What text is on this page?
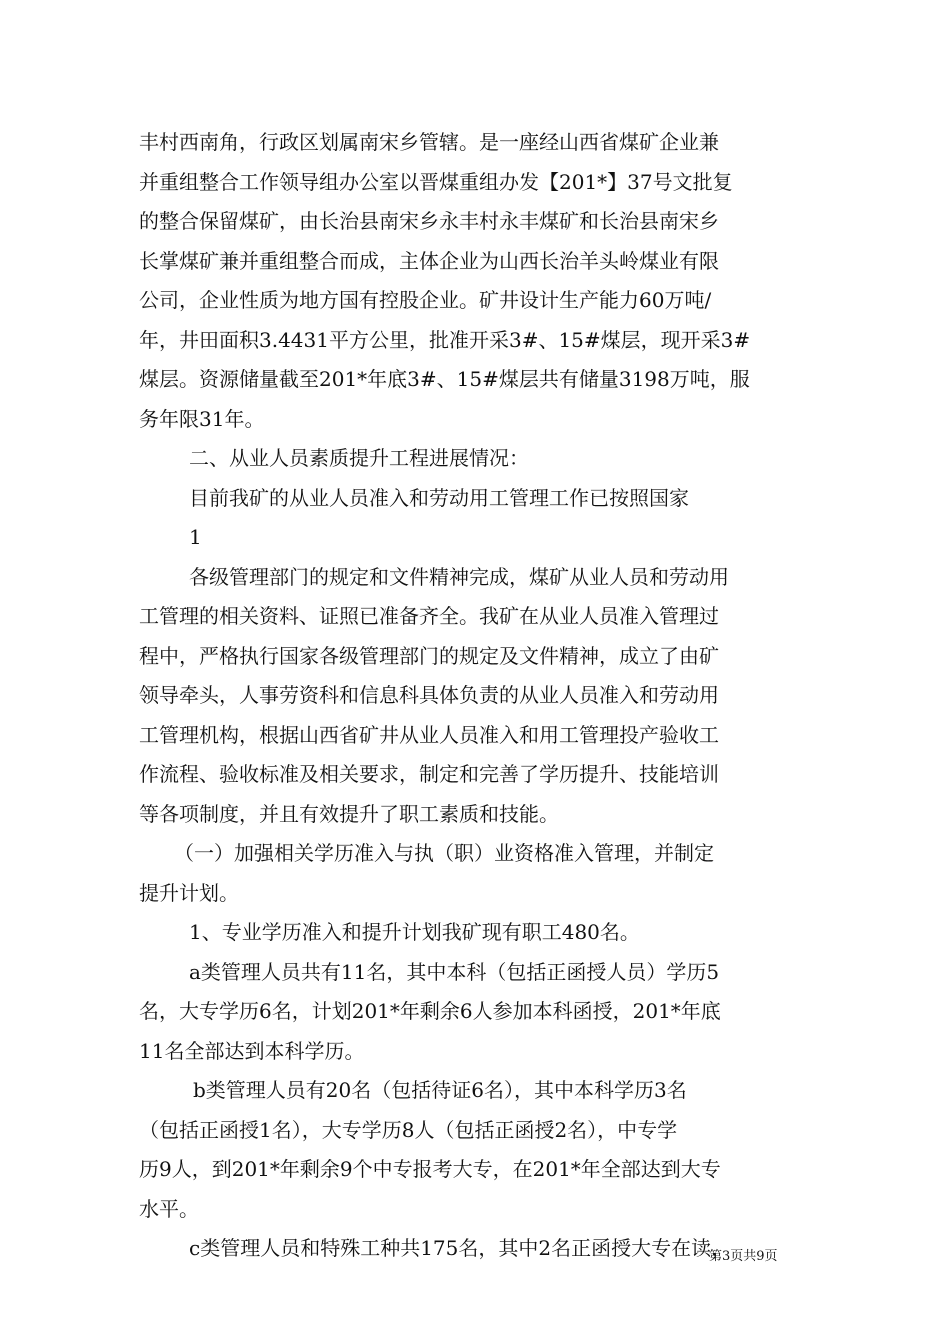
丰村西南角，行政区划属南宋乡管辖。是一座经山西省煤矿企业兼
并重组整合工作领导组办公室以晋煤重组办发【201*】37号文批复
的整合保留煤矿，由长治县南宋乡永丰村永丰煤矿和长治县南宋乡
长掌煤矿兼并重组整合而成，主体企业为山西长治羊头岭煤业有限
公司，企业性质为地方国有控股企业。矿井设计生产能力60万吨/
年，井田面积3.4431平方公里，批准开采3#、15#煤层，现开采3#
煤层。资源储量截至201*年底3#、15#煤层共有储量3198万吨，服
务年限31年。
二、从业人员素质提升工程进展情况：
目前我矿的从业人员准入和劳动用工管理工作已按照国家
1
各级管理部门的规定和文件精神完成，煤矿从业人员和劳动用
工管理的相关资料、证照已准备齐全。我矿在从业人员准入管理过
程中，严格执行国家各级管理部门的规定及文件精神，成立了由矿
领导牵头，人事劳资科和信息科具体负责的从业人员准入和劳动用
工管理机构，根据山西省矿井从业人员准入和用工管理投产验收工
作流程、验收标准及相关要求，制定和完善了学历提升、技能培训
等各项制度，并且有效提升了职工素质和技能。
（一）加强相关学历准入与执（职）业资格准入管理，并制定
提升计划。
1、专业学历准入和提升计划我矿现有职工480名。
a类管理人员共有11名，其中本科（包括正函授人员）学历5
名，大专学历6名，计划201*年剩余6人参加本科函授，201*年底
11名全部达到本科学历。
b类管理人员有20名（包括待证6名），其中本科学历3名
（包括正函授1名），大专学历8人（包括正函授2名），中专学
历9人，到201*年剩余9个中专报考大专，在201*年全部达到大专
水平。
c类管理人员和特殊工种共175名，其中2名正函授大专在读，
第3页共9页
